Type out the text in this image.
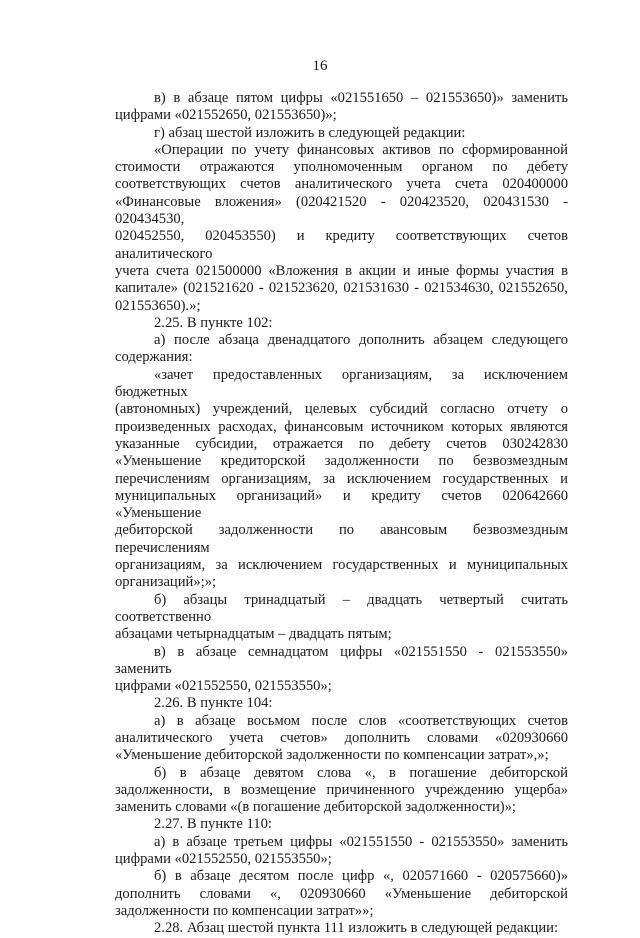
16

в) в абзаце пятом цифры «021551650 – 021553650)» заменить

цифрами «021552650, 021553650)»;

г) абзац шестой изложить в следующей редакции:

«Операции по учету финансовых активов по сформированной

стоимости отражаются уполномоченным органом по дебету

соответствующих счетов аналитического учета счета 020400000

«Финансовые вложения» (020421520 - 020423520, 020431530 - 020434530,

020452550, 020453550) и кредиту соответствующих счетов аналитического

учета счета 021500000 «Вложения в акции и иные формы участия в

капитале» (021521620 - 021523620, 021531630 - 021534630, 021552650,

021553650).»;

2.25. В пункте 102:

а) после абзаца двенадцатого дополнить абзацем следующего

содержания:

«зачет предоставленных организациям, за исключением бюджетных

(автономных) учреждений, целевых субсидий согласно отчету о

произведенных расходах, финансовым источником которых являются

указанные субсидии, отражается по дебету счетов 030242830

«Уменьшение кредиторской задолженности по безвозмездным

перечислениям организациям, за исключением государственных и

муниципальных организаций» и кредиту счетов 020642660 «Уменьшение

дебиторской задолженности по авансовым безвозмездным перечислениям

организациям, за исключением государственных и муниципальных

организаций»;»;

б) абзацы тринадцатый – двадцать четвертый считать соответственно

абзацами четырнадцатым – двадцать пятым;

в) в абзаце семнадцатом цифры «021551550 - 021553550» заменить

цифрами «021552550, 021553550»;

2.26. В пункте 104:

а) в абзаце восьмом после слов «соответствующих счетов

аналитического учета счетов» дополнить словами «020930660

«Уменьшение дебиторской задолженности по компенсации затрат»,»;

б) в абзаце девятом слова «, в погашение дебиторской

задолженности, в возмещение причиненного учреждению ущерба»

заменить словами «(в погашение дебиторской задолженности)»;

2.27. В пункте 110:

а) в абзаце третьем цифры «021551550 - 021553550» заменить

цифрами «021552550, 021553550»;

б) в абзаце десятом после цифр «, 020571660 - 020575660)»

дополнить словами «, 020930660 «Уменьшение дебиторской

задолженности по компенсации затрат»»;

2.28. Абзац шестой пункта 111 изложить в следующей редакции:
